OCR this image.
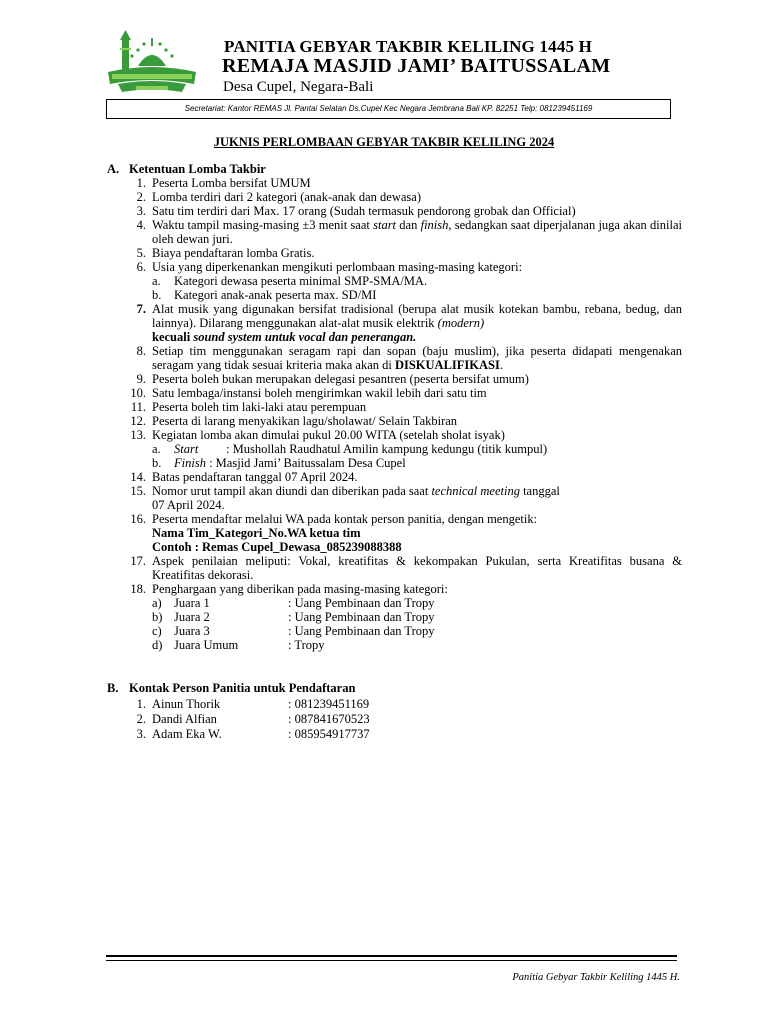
PANITIA GEBYAR TAKBIR KELILING 1445 H
REMAJA MASJID JAMI’ BAITUSSALAM
Desa Cupel, Negara-Bali
Secretariat: Kantor REMAS Jl. Pantai Selatan Ds.Cupel Kec Negara Jembrana Bali KP. 82251 Telp: 081239451169
JUKNIS PERLOMBAAN GEBYAR TAKBIR KELILING 2024
A. Ketentuan Lomba Takbir
1. Peserta Lomba bersifat UMUM
2. Lomba terdiri dari 2 kategori (anak-anak dan dewasa)
3. Satu tim terdiri dari Max. 17 orang (Sudah termasuk pendorong grobak dan Official)
4. Waktu tampil masing-masing ±3 menit saat start dan finish, sedangkan saat diperjalanan juga akan dinilai oleh dewan juri.
5. Biaya pendaftaran lomba Gratis.
6. Usia yang diperkenankan mengikuti perlombaan masing-masing kategori:
a.	Kategori dewasa peserta minimal SMP-SMA/MA.
b.	Kategori anak-anak peserta max. SD/MI
7. Alat musik yang digunakan bersifat tradisional (berupa alat musik kotekan bambu, rebana, bedug, dan lainnya). Dilarang menggunakan alat-alat musik elektrik (modern)
kecuali sound system untuk vocal dan penerangan.
8. Setiap tim menggunakan seragam rapi dan sopan (baju muslim), jika peserta didapati mengenakan seragam yang tidak sesuai kriteria maka akan di DISKUALIFIKASI.
9. Peserta boleh bukan merupakan delegasi pesantren (peserta bersifat umum)
10. Satu lembaga/instansi boleh mengirimkan wakil lebih dari satu tim
11. Peserta boleh tim laki-laki atau perempuan
12. Peserta di larang menyakikan lagu/sholawat/ Selain Takbiran
13. Kegiatan lomba akan dimulai pukul 20.00 WITA (setelah sholat isyak)
a.	Start	: Mushollah Raudhatul Amilin kampung kedungu (titik kumpul)
b.	Finish : Masjid Jami’ Baitussalam Desa Cupel
14. Batas pendaftaran tanggal 07 April 2024.
15. Nomor urut tampil akan diundi dan diberikan pada saat technical meeting tanggal
07 April 2024.
16. Peserta mendaftar melalui WA pada kontak person panitia, dengan mengetik:
Nama Tim_Kategori_No.WA ketua tim
Contoh : Remas Cupel_Dewasa_085239088388
17. Aspek penilaian meliputi: Vokal, kreatifitas & kekompakan Pukulan, serta Kreatifitas busana & Kreatifitas dekorasi.
18. Penghargaan yang diberikan pada masing-masing kategori:
a) Juara 1	: Uang Pembinaan dan Tropy
b) Juara 2	: Uang Pembinaan dan Tropy
c) Juara 3	: Uang Pembinaan dan Tropy
d) Juara Umum	: Tropy
B. Kontak Person Panitia untuk Pendaftaran
1. Ainun Thorik	: 081239451169
2. Dandi Alfian	: 087841670523
3. Adam Eka W.	: 085954917737
Panitia Gebyar Takbir Keliling 1445 H.
